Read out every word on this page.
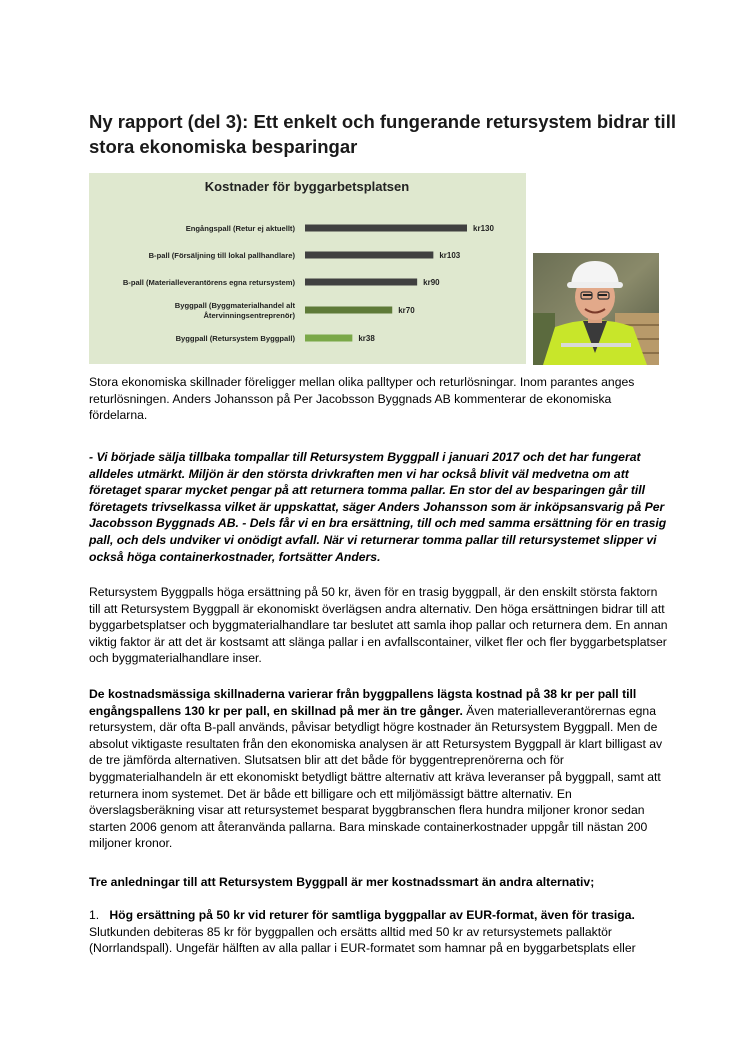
Ny rapport (del 3): Ett enkelt och fungerande retursystem bidrar till stora ekonomiska besparingar
Kostnader för byggarbetsplatsen
kr130
Engångspall (Retur ej aktuellt)
kr103
B-pall (Försäljning till lokal pallhandlare)
kr90
B-pall (Materialleverantörens egna retursystem)
kr70
Byggpall (Byggmaterialhandel alt
Återvinningsentreprenör)
kr38
Byggpall (Retursystem Byggpall)

Stora ekonomiska skillnader föreligger mellan olika palltyper och returlösningar. Inom parantes anges returlösningen. Anders Johansson på Per Jacobsson Byggnads AB kommenterar de ekonomiska fördelarna.

- Vi började sälja tillbaka tompallar till Retursystem Byggpall i januari 2017 och det har fungerat alldeles utmärkt. Miljön är den största drivkraften men vi har också blivit väl medvetna om att företaget sparar mycket pengar på att returnera tomma pallar. En stor del av besparingen går till företagets trivselkassa vilket är uppskattat, säger Anders Johansson som är inköpsansvarig på Per Jacobsson Byggnads AB. - Dels får vi en bra ersättning, till och med samma ersättning för en trasig pall, och dels undviker vi onödigt avfall. När vi returnerar tomma pallar till retursystemet slipper vi också höga containerkostnader, fortsätter Anders.

Retursystem Byggpalls höga ersättning på 50 kr, även för en trasig byggpall, är den enskilt största faktorn till att Retursystem Byggpall är ekonomiskt överlägsen andra alternativ. Den höga ersättningen bidrar till att byggarbetsplatser och byggmaterialhandlare tar beslutet att samla ihop pallar och returnera dem. En annan viktig faktor är att det är kostsamt att slänga pallar i en avfallscontainer, vilket fler och fler byggarbetsplatser och byggmaterialhandlare inser.

De kostnadsmässiga skillnaderna varierar från byggpallens lägsta kostnad på 38 kr per pall till engångspallens 130 kr per pall, en skillnad på mer än tre gånger. Även materialleverantörernas egna retursystem, där ofta B-pall används, påvisar betydligt högre kostnader än Retursystem Byggpall. Men de absolut viktigaste resultaten från den ekonomiska analysen är att Retursystem Byggpall är klart billigast av de tre jämförda alternativen. Slutsatsen blir att det både för byggentreprenörerna och för byggmaterialhandeln är ett ekonomiskt betydligt bättre alternativ att kräva leveranser på byggpall, samt att returnera inom systemet. Det är både ett billigare och ett miljömässigt bättre alternativ. En överslagsberäkning visar att retursystemet besparat byggbranschen flera hundra miljoner kronor sedan starten 2006 genom att återanvända pallarna. Bara minskade containerkostnader uppgår till nästan 200 miljoner kronor.

Tre anledningar till att Retursystem Byggpall är mer kostnadssmart än andra alternativ;

1. Hög ersättning på 50 kr vid returer för samtliga byggpallar av EUR-format, även för trasiga.
Slutkunden debiteras 85 kr för byggpallen och ersätts alltid med 50 kr av retursystemets pallaktör (Norrlandspall). Ungefär hälften av alla pallar i EUR-formatet som hamnar på en byggarbetsplats eller
